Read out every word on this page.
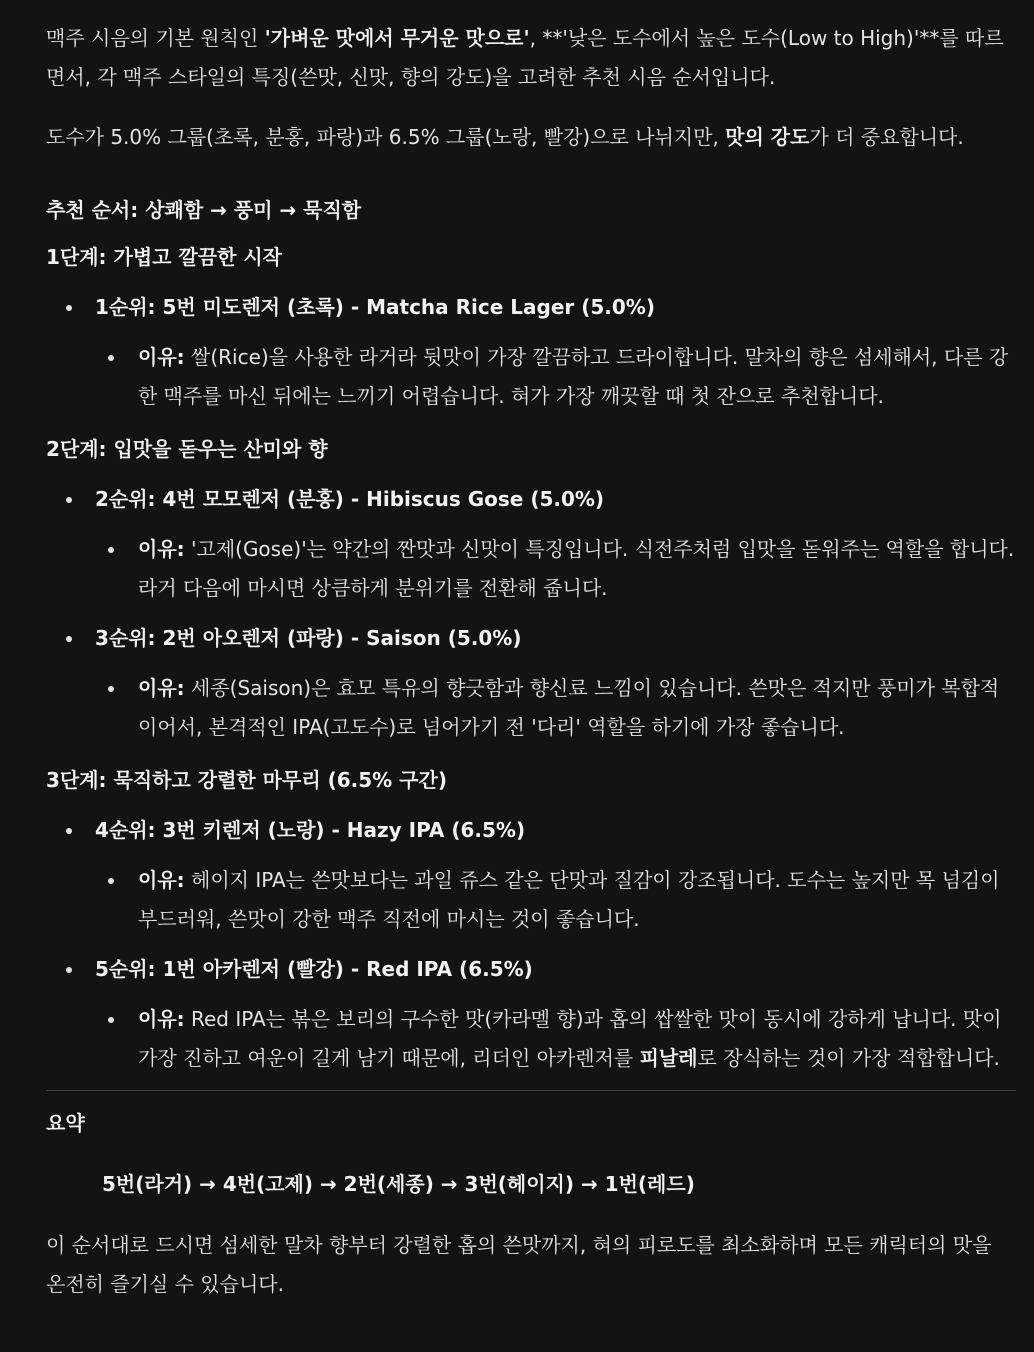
맥주 시음의 기본 원칙인 '가벼운 맛에서 무거운 맛으로', **'낮은 도수에서 높은 도수(Low to High)'**를 따르면서, 각 맥주 스타일의 특징(쓴맛, 신맛, 향의 강도)을 고려한 추천 시음 순서입니다.

도수가 5.0% 그룹(초록, 분홍, 파랑)과 6.5% 그룹(노랑, 빨강)으로 나뉘지만, 맛의 강도가 더 중요합니다.

추천 순서: 상쾌함 → 풍미 → 묵직함

1단계: 가볍고 깔끔한 시작

1순위: 5번 미도렌저 (초록) - Matcha Rice Lager (5.0%)
이유: 쌀(Rice)을 사용한 라거라 뒷맛이 가장 깔끔하고 드라이합니다. 말차의 향은 섬세해서, 다른 강한 맥주를 마신 뒤에는 느끼기 어렵습니다. 혀가 가장 깨끗할 때 첫 잔으로 추천합니다.

2단계: 입맛을 돋우는 산미와 향

2순위: 4번 모모렌저 (분홍) - Hibiscus Gose (5.0%)
이유: '고제(Gose)'는 약간의 짠맛과 신맛이 특징입니다. 식전주처럼 입맛을 돋워주는 역할을 합니다. 라거 다음에 마시면 상큼하게 분위기를 전환해 줍니다.
3순위: 2번 아오렌저 (파랑) - Saison (5.0%)
이유: 세종(Saison)은 효모 특유의 향긋함과 향신료 느낌이 있습니다. 쓴맛은 적지만 풍미가 복합적이어서, 본격적인 IPA(고도수)로 넘어가기 전 '다리' 역할을 하기에 가장 좋습니다.

3단계: 묵직하고 강렬한 마무리 (6.5% 구간)

4순위: 3번 키렌저 (노랑) - Hazy IPA (6.5%)
이유: 헤이지 IPA는 쓴맛보다는 과일 쥬스 같은 단맛과 질감이 강조됩니다. 도수는 높지만 목 넘김이 부드러워, 쓴맛이 강한 맥주 직전에 마시는 것이 좋습니다.
5순위: 1번 아카렌저 (빨강) - Red IPA (6.5%)
이유: Red IPA는 볶은 보리의 구수한 맛(카라멜 향)과 홉의 쌉쌀한 맛이 동시에 강하게 납니다. 맛이 가장 진하고 여운이 길게 남기 때문에, 리더인 아카렌저를 피날레로 장식하는 것이 가장 적합합니다.

요약

5번(라거) → 4번(고제) → 2번(세종) → 3번(헤이지) → 1번(레드)

이 순서대로 드시면 섬세한 말차 향부터 강렬한 홉의 쓴맛까지, 혀의 피로도를 최소화하며 모든 캐릭터의 맛을 온전히 즐기실 수 있습니다.
